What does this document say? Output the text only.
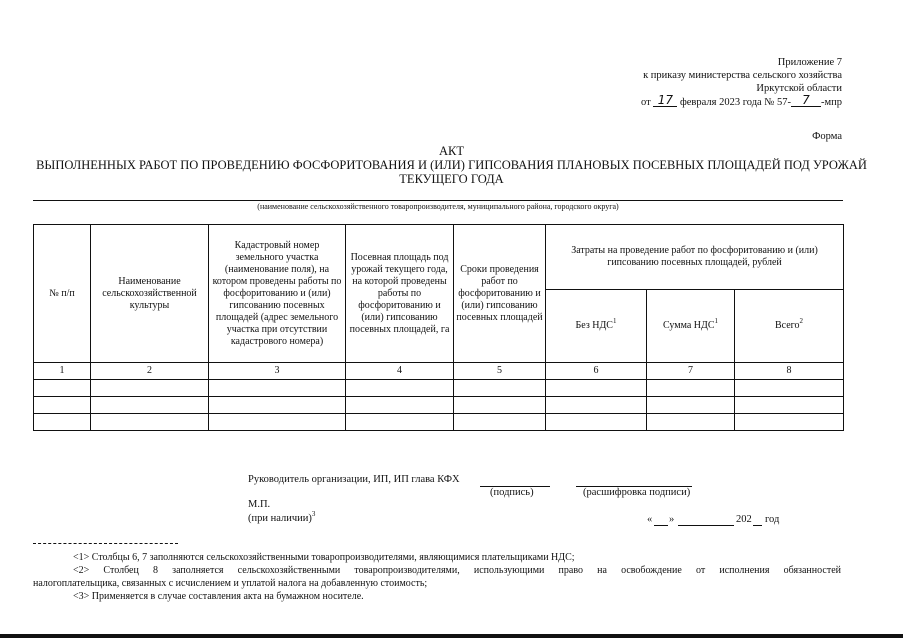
Приложение 7
к приказу министерства сельского хозяйства
Иркутской области
от 17 февраля 2023 года № 57- 7 -мпр
Форма
АКТ
ВЫПОЛНЕННЫХ РАБОТ ПО ПРОВЕДЕНИЮ ФОСФОРИТОВАНИЯ И (ИЛИ) ГИПСОВАНИЯ ПЛАНОВЫХ ПОСЕВНЫХ ПЛОЩАДЕЙ ПОД УРОЖАЙ
ТЕКУЩЕГО ГОДА
(наименование сельскохозяйственного товаропроизводителя, муниципального района, городского округа)
№ п/п	Наименование сельскохозяйственной культуры	Кадастровый номер земельного участка (наименование поля), на котором проведены работы по фосфоритованию и (или) гипсованию посевных площадей (адрес земельного участка при отсутствии кадастрового номера)	Посевная площадь под урожай текущего года, на которой проведены работы по фосфоритованию и (или) гипсованию посевных площадей, га	Сроки проведения работ по фосфоритованию и (или) гипсованию посевных площадей	Затраты на проведение работ по фосфоритованию и (или) гипсованию посевных площадей, рублей		
					Без НДС$^1$	Сумма НДС$^1$	Всего$^2$
1	2	3	4	5	6	7	8

Руководитель организации, ИП, ИП глава КФХ
(подпись)	(расшифровка подписи)
М.П.
(при наличии)$^3$
« »	202 год
<1> Столбцы 6, 7 заполняются сельскохозяйственными товаропроизводителями, являющимися плательщиками НДС;
<2> Столбец 8 заполняется сельскохозяйственными товаропроизводителями, использующими право на освобождение от исполнения обязанностей
налогоплательщика, связанных с исчислением и уплатой налога на добавленную стоимость;
<3> Применяется в случае составления акта на бумажном носителе.
